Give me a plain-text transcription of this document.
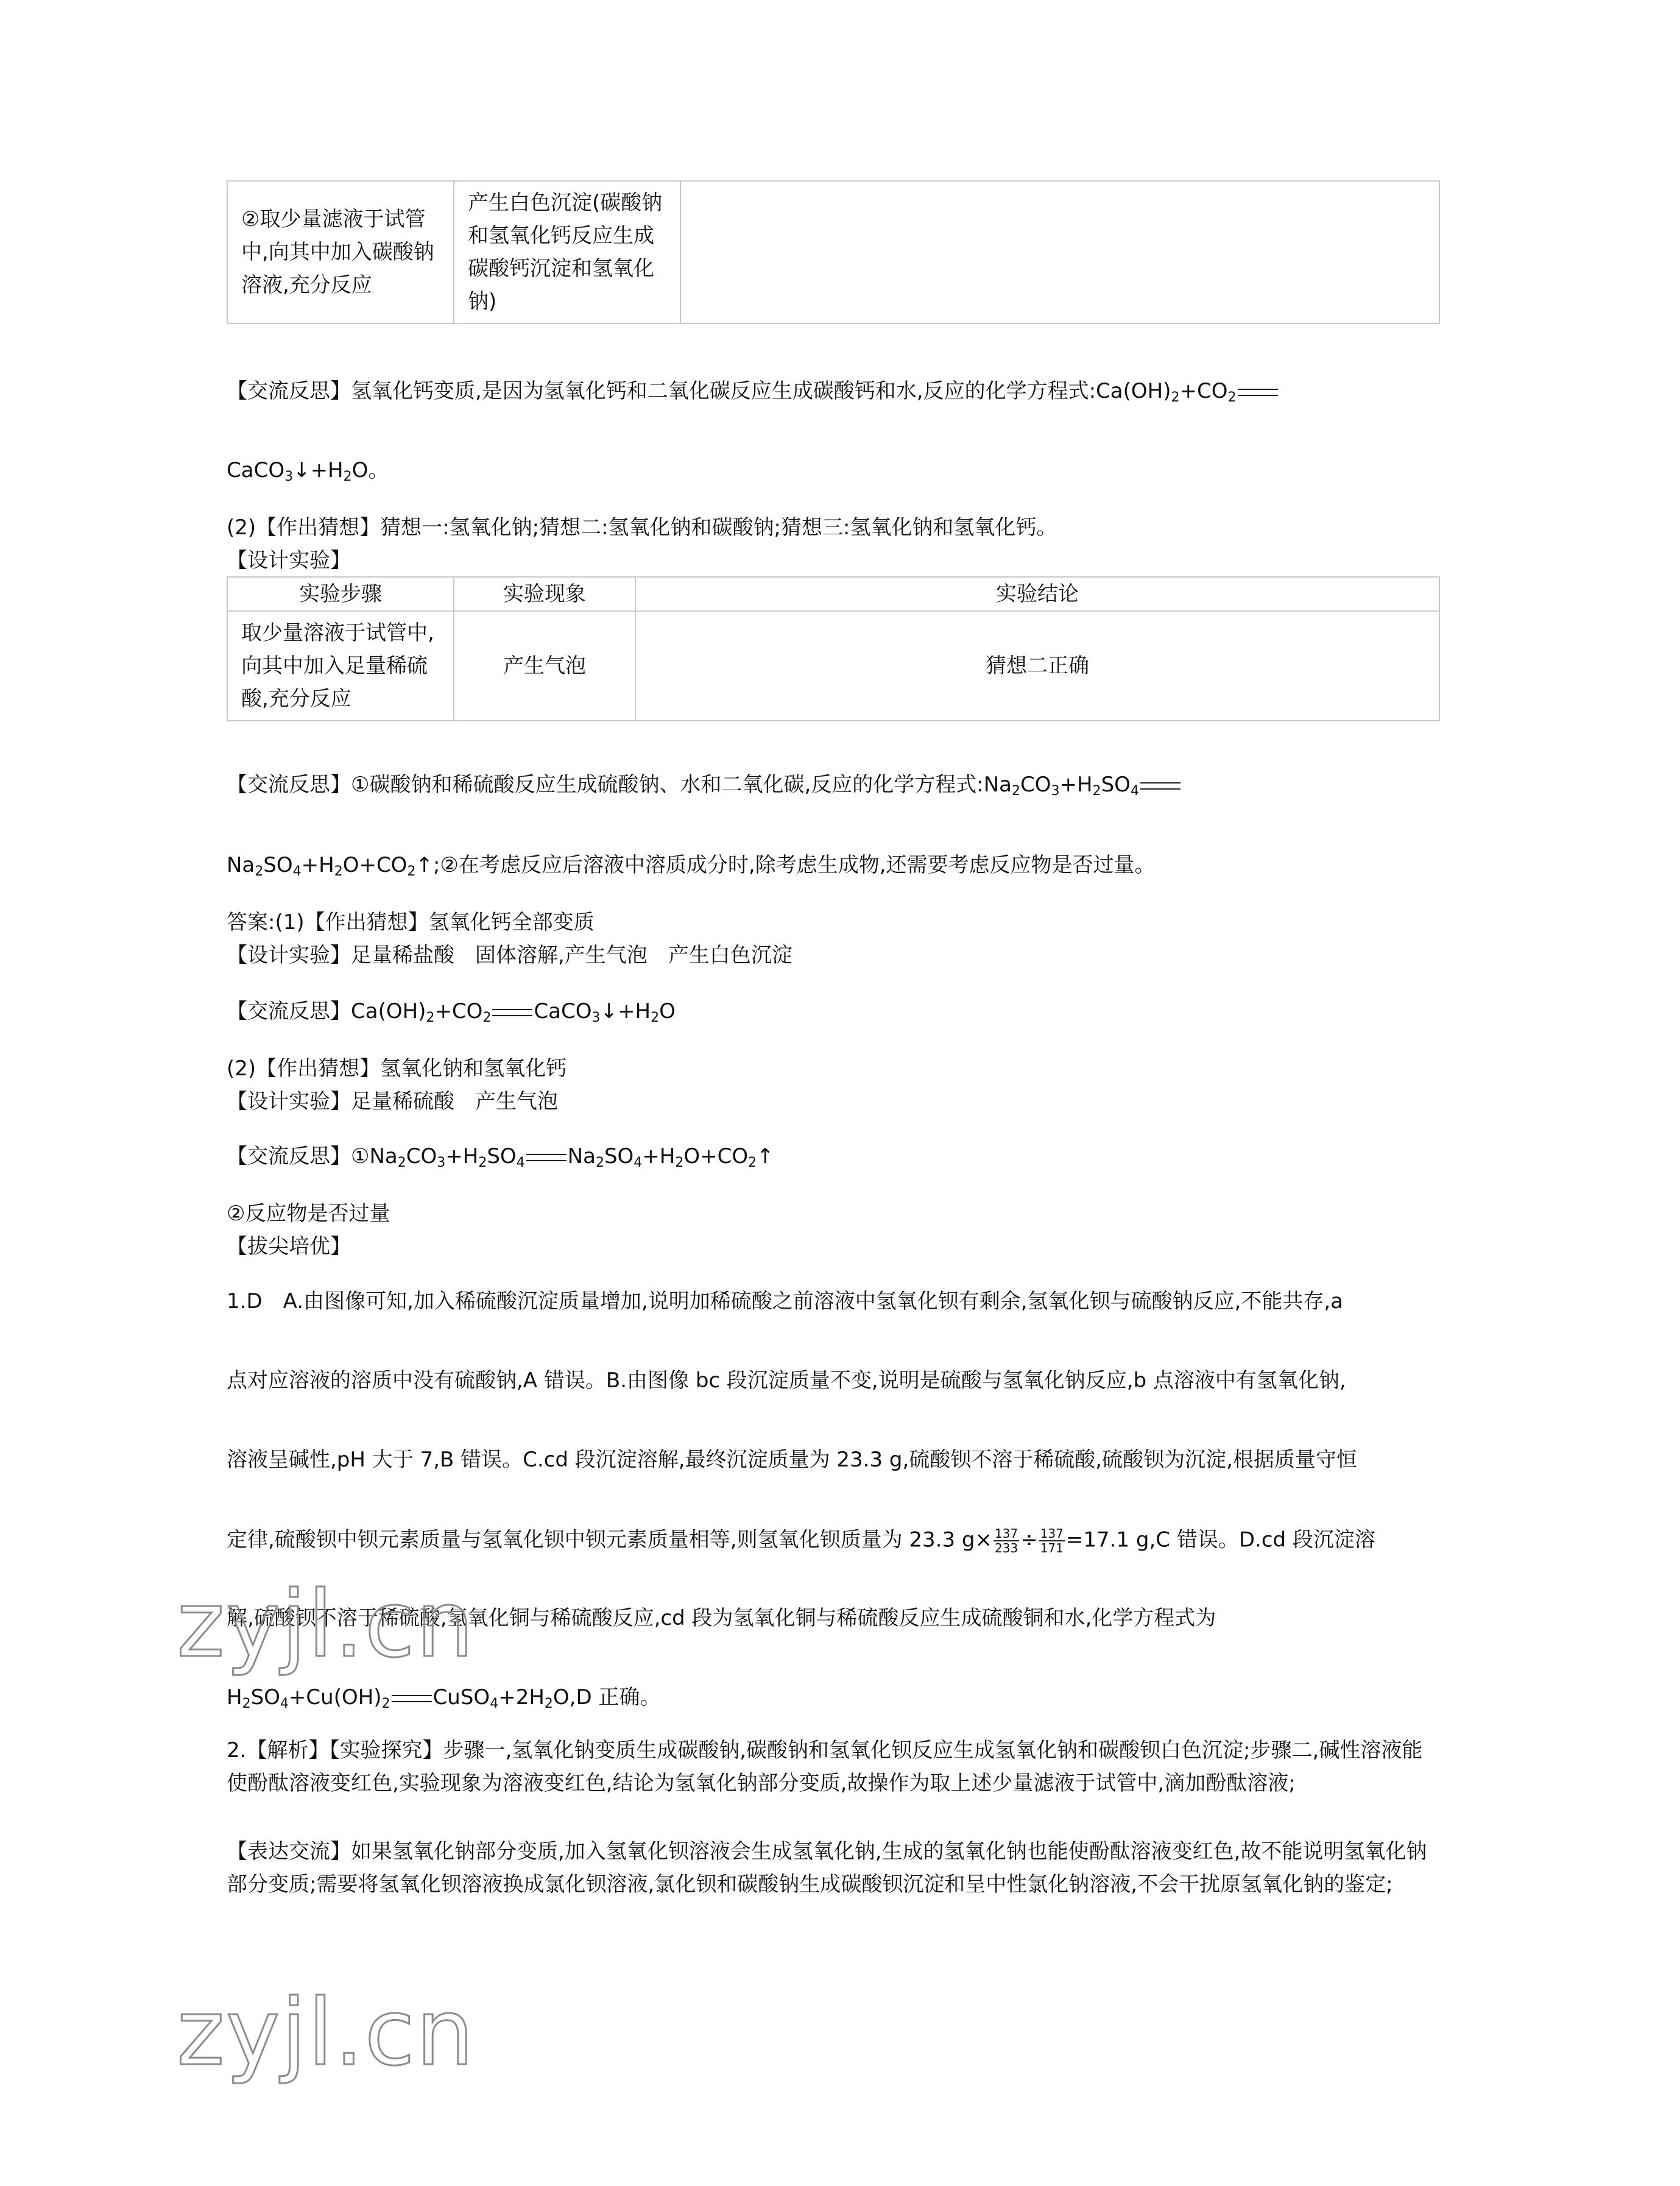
②取少量滤液于试管中,向其中加入碳酸钠溶液,充分反应	产生白色沉淀(碳酸钠和氢氧化钙反应生成碳酸钙沉淀和氢氧化钠)	
【交流反思】氢氧化钙变质,是因为氢氧化钙和二氧化碳反应生成碳酸钙和水,反应的化学方程式$:Ca(OH)_2+CO_2$
$CaCO_3↓+H_2O$。
(2)【作出猜想】猜想一:氢氧化钠;猜想二:氢氧化钠和碳酸钠;猜想三:氢氧化钠和氢氧化钙。
【设计实验】
实验步骤	实验现象	实验结论
取少量溶液于试管中,向其中加入足量稀硫酸,充分反应	产生气泡	猜想二正确
【交流反思】①碳酸钠和稀硫酸反应生成硫酸钠、水和二氧化碳,反应的化学方程式$:Na_2CO_3+H_2SO_4$
$Na_2SO_4+H_2O+CO_2↑;②$在考虑反应后溶液中溶质成分时,除考虑生成物,还需要考虑反应物是否过量。
答案:(1)【作出猜想】氢氧化钙全部变质
【设计实验】足量稀盐酸　固体溶解,产生气泡　产生白色沉淀
【交流反思】$Ca(OH)_2+CO_2$ $CaCO_3↓+H_2O$
(2)【作出猜想】氢氧化钠和氢氧化钙
【设计实验】足量稀硫酸　产生气泡
【交流反思】$①Na_2CO_3+H_2SO_4$ $Na_2SO_4+H_2O+CO_2↑$
②反应物是否过量
【拔尖培优】
1.D　A.由图像可知,加入稀硫酸沉淀质量增加,说明加稀硫酸之前溶液中氢氧化钡有剩余,氢氧化钡与硫酸钠反应,不能共存,a
点对应溶液的溶质中没有硫酸钠,A 错误。B.由图像 bc 段沉淀质量不变,说明是硫酸与氢氧化钠反应,b 点溶液中有氢氧化钠,
溶液呈碱性,pH 大于 7,B 错误。C.cd 段沉淀溶解,最终沉淀质量为 23.3 g,硫酸钡不溶于稀硫酸,硫酸钡为沉淀,根据质量守恒
定律,硫酸钡中钡元素质量与氢氧化钡中钡元素质量相等,则氢氧化钡质量为 23.3 $g\times \frac{137}{233} \div \frac{137}{171} =17.1$ g,C 错误。D.cd 段沉淀溶
解,硫酸钡不溶于稀硫酸,氢氧化铜与稀硫酸反应,cd 段为氢氧化铜与稀硫酸反应生成硫酸铜和水,化学方程式为
$H_2SO_4+Cu(OH)_2$ $CuSO_4+2H_2O,D$ 正确。
2.【解析】【实验探究】步骤一,氢氧化钠变质生成碳酸钠,碳酸钠和氢氧化钡反应生成氢氧化钠和碳酸钡白色沉淀;步骤二,碱性溶液能使酚酞溶液变红色,实验现象为溶液变红色,结论为氢氧化钠部分变质,故操作为取上述少量滤液于试管中,滴加酚酞溶液;
【表达交流】如果氢氧化钠部分变质,加入氢氧化钡溶液会生成氢氧化钠,生成的氢氧化钠也能使酚酞溶液变红色,故不能说明氢氧化钠部分变质;需要将氢氧化钡溶液换成氯化钡溶液,氯化钡和碳酸钠生成碳酸钡沉淀和呈中性氯化钠溶液,不会干扰原氢氧化钠的鉴定;
zyjl.cn
zyjl.cn
